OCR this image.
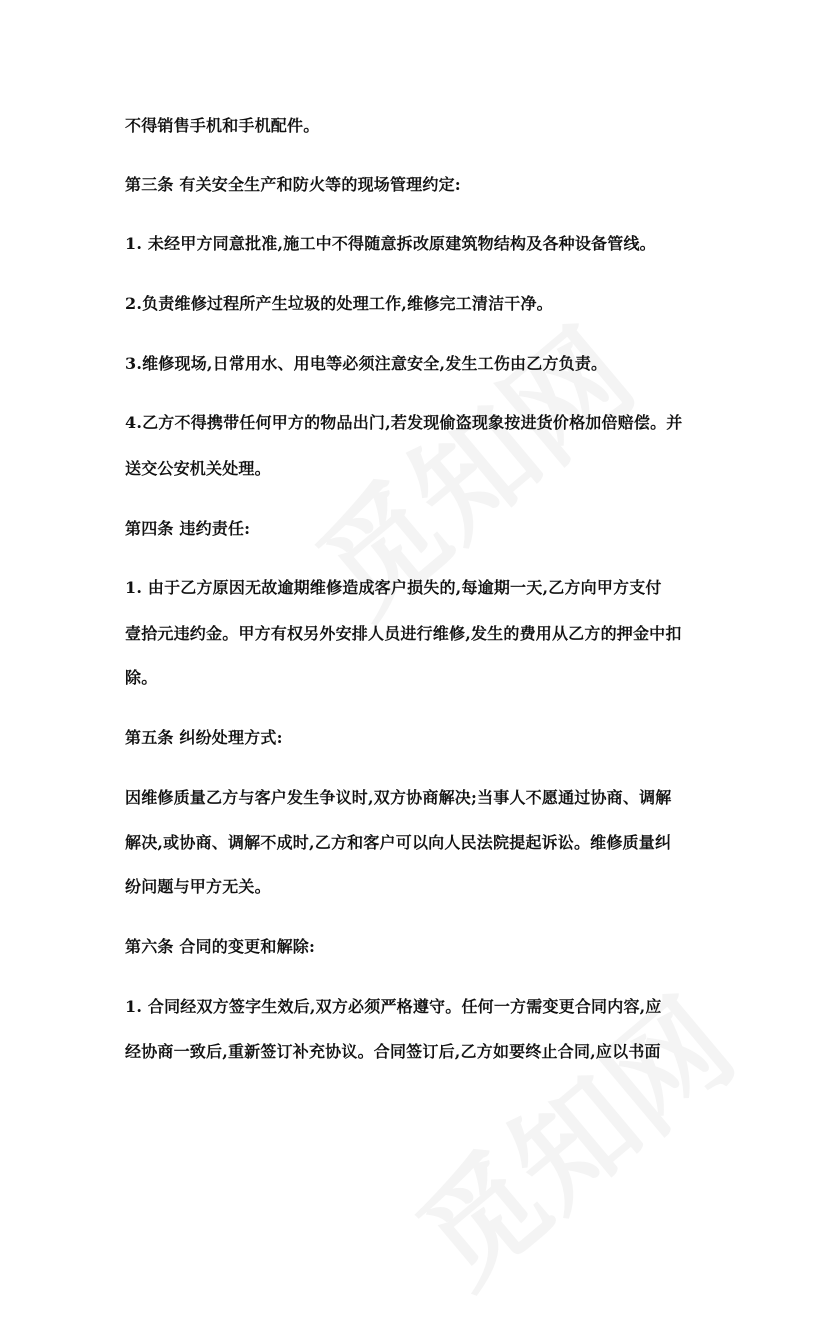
不得销售手机和手机配件。
第三条 有关安全生产和防火等的现场管理约定:
1. 未经甲方同意批准,施工中不得随意拆改原建筑物结构及各种设备管线。
2.负责维修过程所产生垃圾的处理工作,维修完工清洁干净。
3.维修现场,日常用水、用电等必须注意安全,发生工伤由乙方负责。
4.乙方不得携带任何甲方的物品出门,若发现偷盗现象按进货价格加倍赔偿。并
送交公安机关处理。
第四条 违约责任:
1. 由于乙方原因无故逾期维修造成客户损失的,每逾期一天,乙方向甲方支付
壹拾元违约金。甲方有权另外安排人员进行维修,发生的费用从乙方的押金中扣
除。
第五条 纠纷处理方式:
因维修质量乙方与客户发生争议时,双方协商解决;当事人不愿通过协商、调解
解决,或协商、调解不成时,乙方和客户可以向人民法院提起诉讼。维修质量纠
纷问题与甲方无关。
第六条 合同的变更和解除:
1. 合同经双方签字生效后,双方必须严格遵守。任何一方需变更合同内容,应
经协商一致后,重新签订补充协议。合同签订后,乙方如要终止合同,应以书面
